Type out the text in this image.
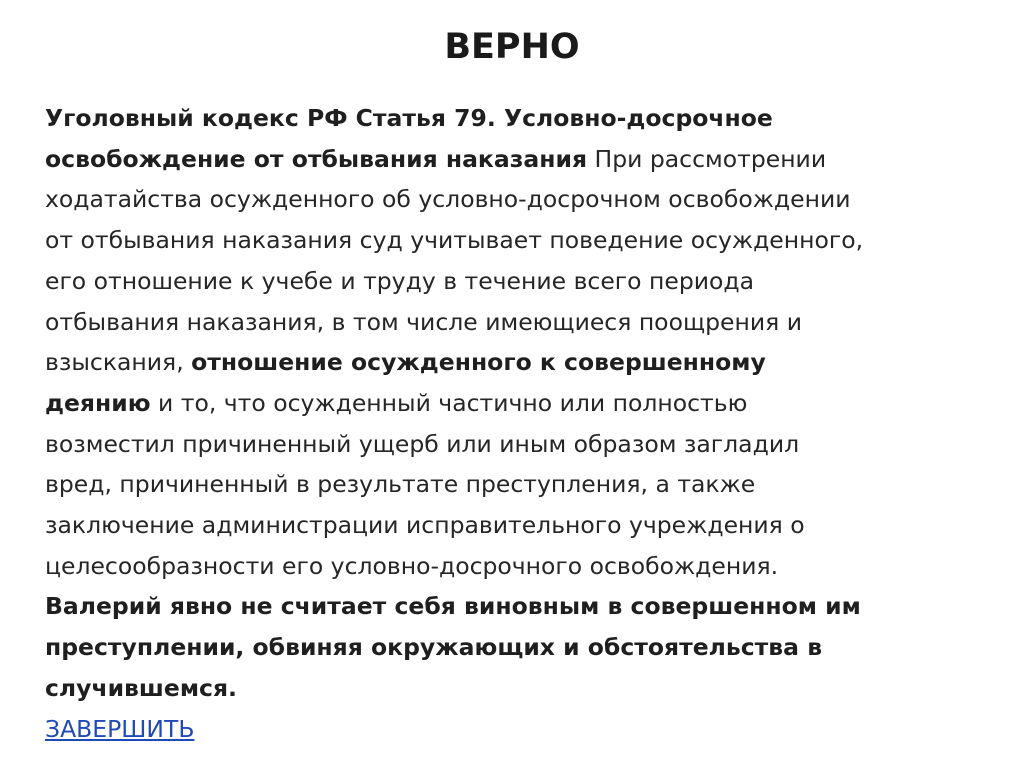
ВЕРНО
Уголовный кодекс РФ Статья 79. Условно-досрочное
освобождение от отбывания наказания При рассмотрении
ходатайства осужденного об условно-досрочном освобождении
от отбывания наказания суд учитывает поведение осужденного,
его отношение к учебе и труду в течение всего периода
отбывания наказания, в том числе имеющиеся поощрения и
взыскания, отношение осужденного к совершенному
деянию и то, что осужденный частично или полностью
возместил причиненный ущерб или иным образом загладил
вред, причиненный в результате преступления, а также
заключение администрации исправительного учреждения о
целесообразности его условно-досрочного освобождения.
Валерий явно не считает себя виновным в совершенном им
преступлении, обвиняя окружающих и обстоятельства в
случившемся.
ЗАВЕРШИТЬ
